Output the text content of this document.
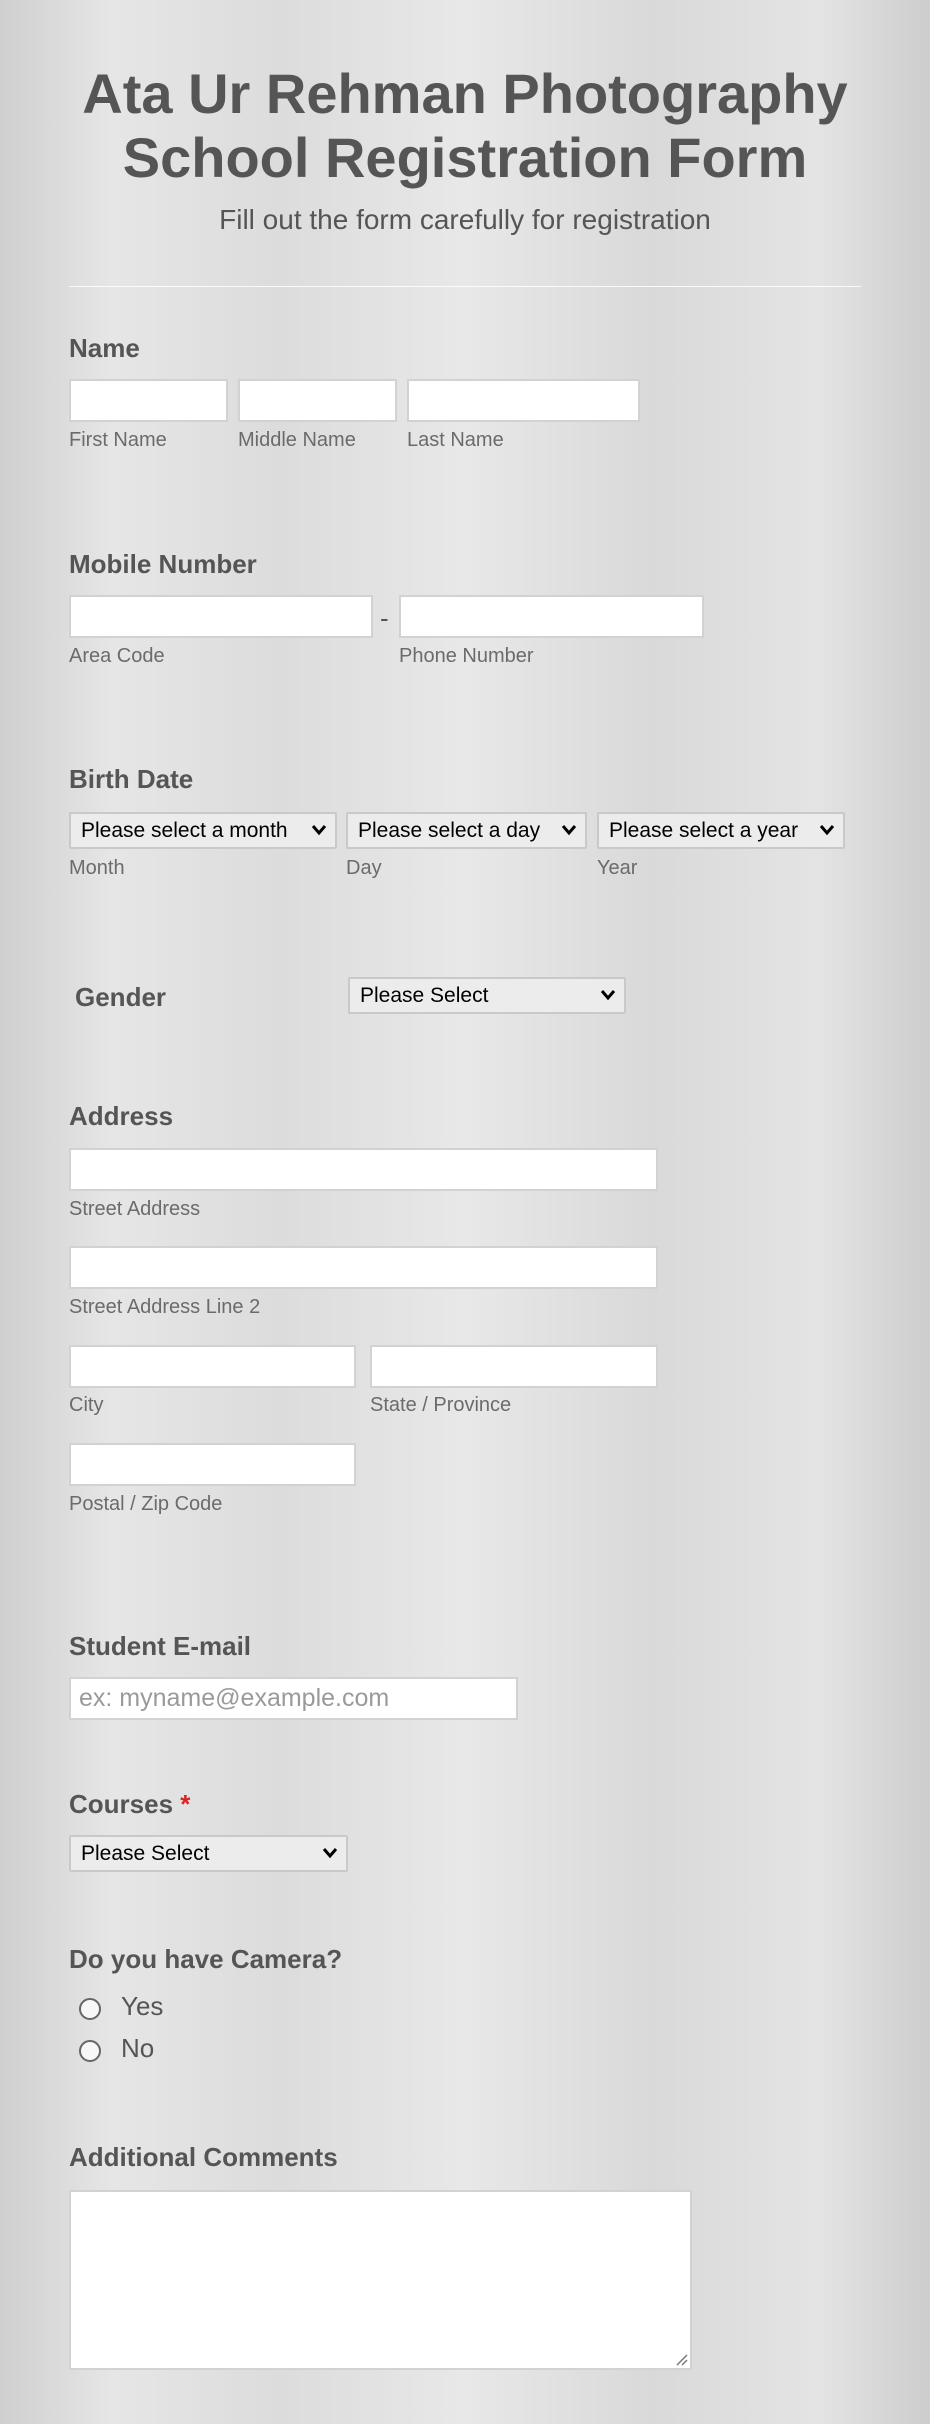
Ata Ur Rehman Photography
School Registration Form
Fill out the form carefully for registration
Name
First Name	Middle Name	Last Name
Mobile Number
-
Area Code	Phone Number
Birth Date
Please select a month	Please select a day	Please select a year
Month	Day	Year
Gender	Please Select
Address
Street Address
Street Address Line 2
City	State / Province
Postal / Zip Code
Student E-mail
ex: myname@example.com
Courses *
Please Select
Do you have Camera?
Yes
No
Additional Comments
